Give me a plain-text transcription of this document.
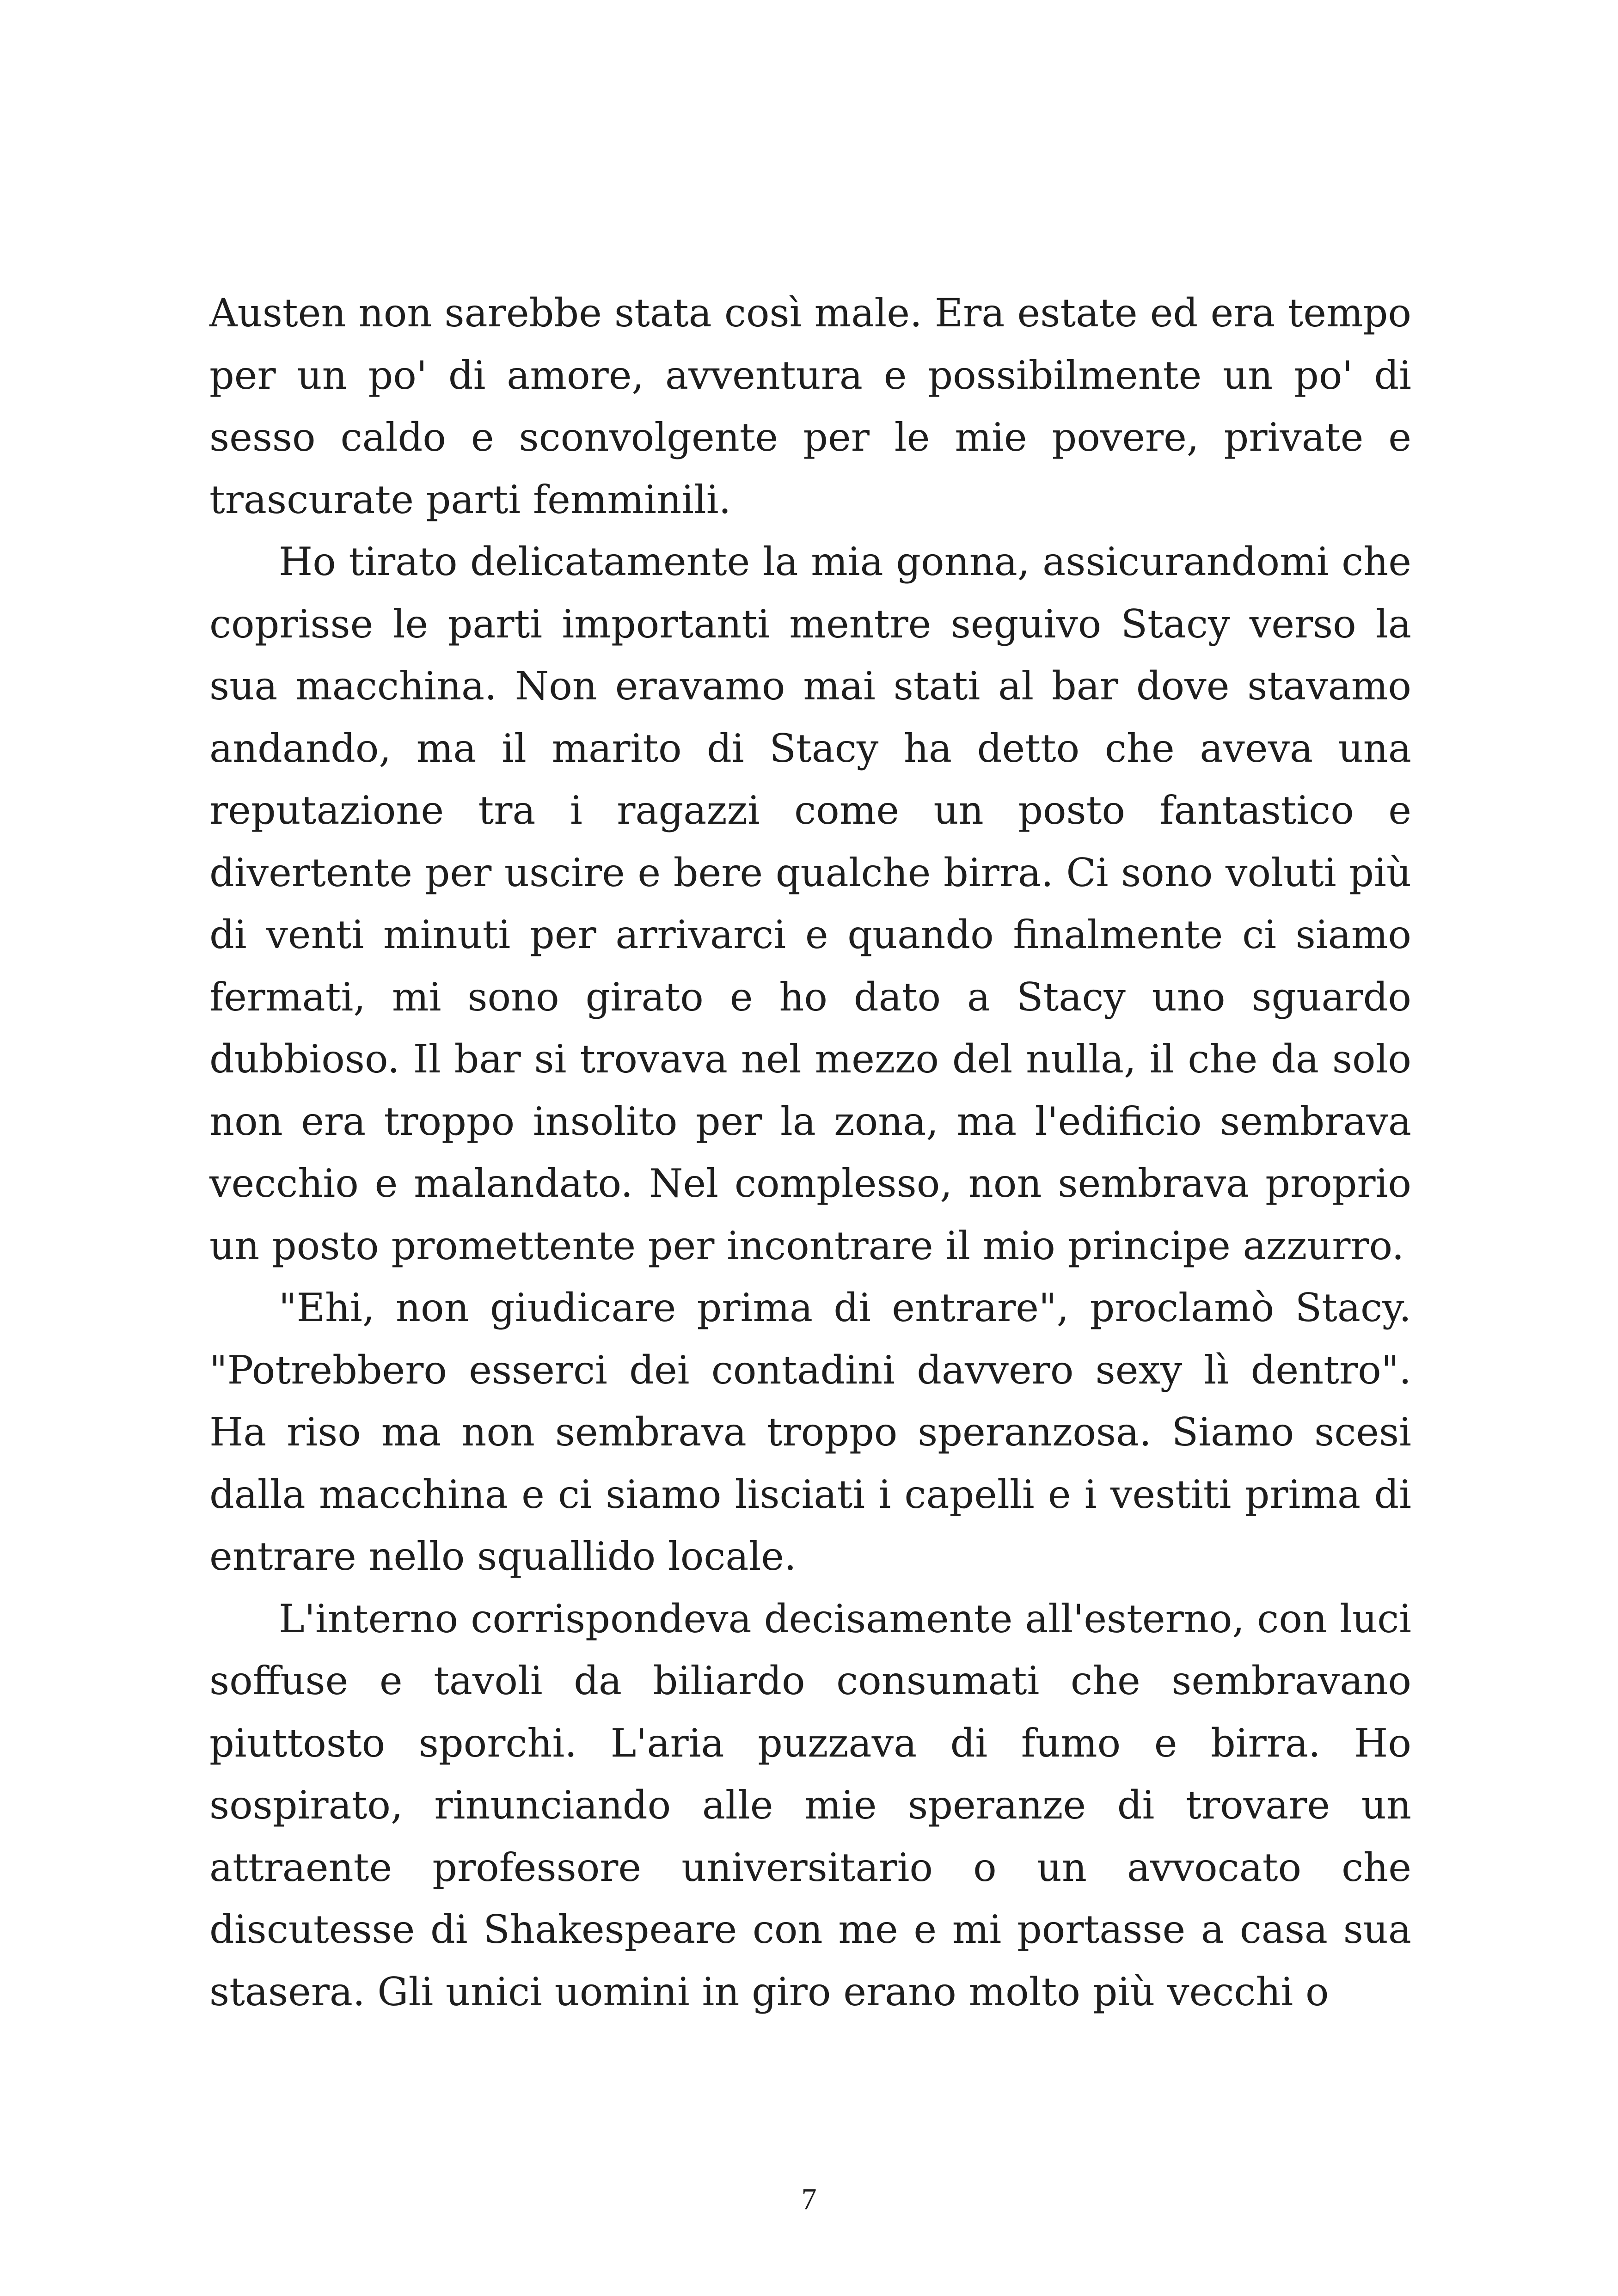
Austen non sarebbe stata così male. Era estate ed era tempo per un po' di amore, avventura e possibilmente un po' di sesso caldo e sconvolgente per le mie povere, private e trascurate parti femminili.

Ho tirato delicatamente la mia gonna, assicurandomi che coprisse le parti importanti mentre seguivo Stacy verso la sua macchina. Non eravamo mai stati al bar dove stavamo andando, ma il marito di Stacy ha detto che aveva una reputazione tra i ragazzi come un posto fantastico e divertente per uscire e bere qualche birra. Ci sono voluti più di venti minuti per arrivarci e quando finalmente ci siamo fermati, mi sono girato e ho dato a Stacy uno sguardo dubbioso. Il bar si trovava nel mezzo del nulla, il che da solo non era troppo insolito per la zona, ma l'edificio sembrava vecchio e malandato. Nel complesso, non sembrava proprio un posto promettente per incontrare il mio principe azzurro.

"Ehi, non giudicare prima di entrare", proclamò Stacy. "Potrebbero esserci dei contadini davvero sexy lì dentro". Ha riso ma non sembrava troppo speranzosa. Siamo scesi dalla macchina e ci siamo lisciati i capelli e i vestiti prima di entrare nello squallido locale.

L'interno corrispondeva decisamente all'esterno, con luci soffuse e tavoli da biliardo consumati che sembravano piuttosto sporchi. L'aria puzzava di fumo e birra. Ho sospirato, rinunciando alle mie speranze di trovare un attraente professore universitario o un avvocato che discutesse di Shakespeare con me e mi portasse a casa sua stasera. Gli unici uomini in giro erano molto più vecchi o

7
